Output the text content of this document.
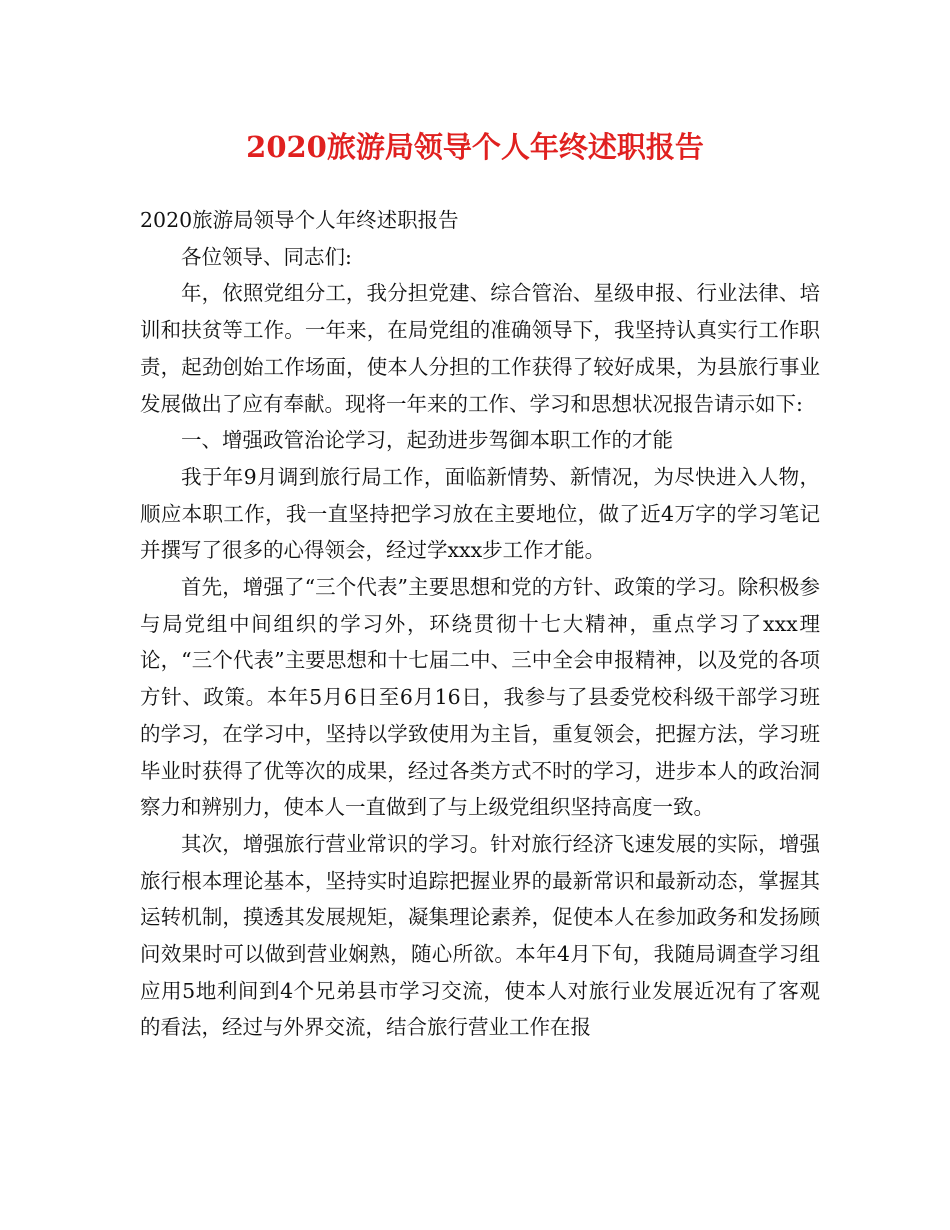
2020旅游局领导个人年终述职报告

2020旅游局领导个人年终述职报告

各位领导、同志们:

年，依照党组分工，我分担党建、综合管治、星级申报、行业法律、培训和扶贫等工作。一年来，在局党组的准确领导下，我坚持认真实行工作职责，起劲创始工作场面，使本人分担的工作获得了较好成果，为县旅行事业发展做出了应有奉献。现将一年来的工作、学习和思想状况报告请示如下:

一、增强政管治论学习，起劲进步驾御本职工作的才能

我于年9月调到旅行局工作，面临新情势、新情况，为尽快进入人物，顺应本职工作，我一直坚持把学习放在主要地位，做了近4万字的学习笔记并撰写了很多的心得领会，经过学xxx步工作才能。

首先，增强了“三个代表”主要思想和党的方针、政策的学习。除积极参与局党组中间组织的学习外，环绕贯彻十七大精神，重点学习了xxx理论，“三个代表”主要思想和十七届二中、三中全会申报精神，以及党的各项方针、政策。本年5月6日至6月16日，我参与了县委党校科级干部学习班的学习，在学习中，坚持以学致使用为主旨，重复领会，把握方法，学习班毕业时获得了优等次的成果，经过各类方式不时的学习，进步本人的政治洞察力和辨别力，使本人一直做到了与上级党组织坚持高度一致。

其次，增强旅行营业常识的学习。针对旅行经济飞速发展的实际，增强旅行根本理论基本，坚持实时追踪把握业界的最新常识和最新动态，掌握其运转机制，摸透其发展规矩，凝集理论素养，促使本人在参加政务和发扬顾问效果时可以做到营业娴熟，随心所欲。本年4月下旬，我随局调查学习组应用5地利间到4个兄弟县市学习交流，使本人对旅行业发展近况有了客观的看法，经过与外界交流，结合旅行营业工作在报
